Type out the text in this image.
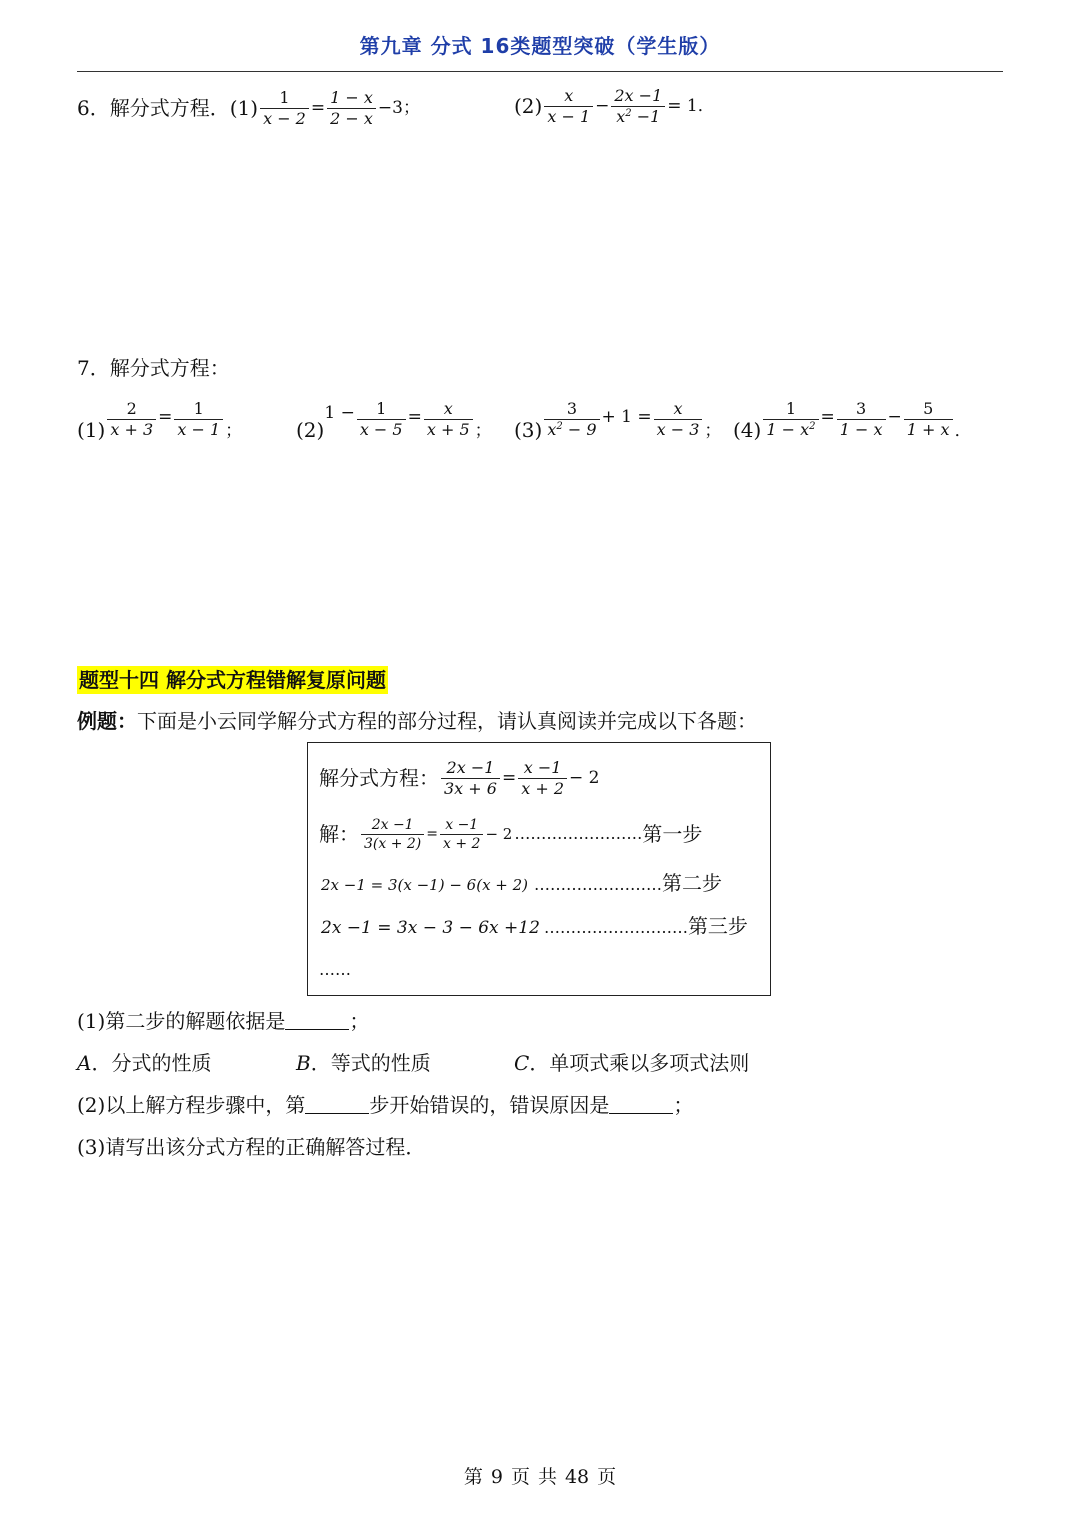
第九章 分式 16类题型突破（学生版）
6．解分式方程． $(1) \frac{1}{x - 2} = \frac{1 - x}{2 - x} -3$；	$(2) \frac{x}{x - 1} - \frac{2x -1}{x^2 -1} = 1$．
7．解分式方程：
$(1) \frac{2}{x + 3} = \frac{1}{x - 1}$ ；	(2)
$1 - \frac{1}{x - 5} = \frac{x}{x + 5}$ ； $(3) \frac{3}{x^2 - 9} + 1 = \frac{x}{x - 3}$ ； $(4) \frac{1}{1 - x^2} = \frac{3}{1 - x} - \frac{5}{1 + x}$ ．
题型十四 解分式方程错解复原问题
例题：下面是小云同学解分式方程的部分过程，请认真阅读并完成以下各题：
解分式方程： $\frac{2x -1}{3x + 6} = \frac{x -1}{x + 2} - 2$
解： $\frac{2x -1}{3(x + 2)} = \frac{x -1}{x + 2} - 2$ …………………… 第一步
2x −1 = 3(x −1) − 6(x + 2) …………………… 第二步
2x −1 = 3x − 3 − 6x +12 ……………………… 第三步
……
(1)第二步的解题依据是	；
A．分式的性质	B．等式的性质	C．单项式乘以多项式法则
(2)以上解方程步骤中，第	步开始错误的，错误原因是	；
(3)请写出该分式方程的正确解答过程．
第 9 页 共 48 页
